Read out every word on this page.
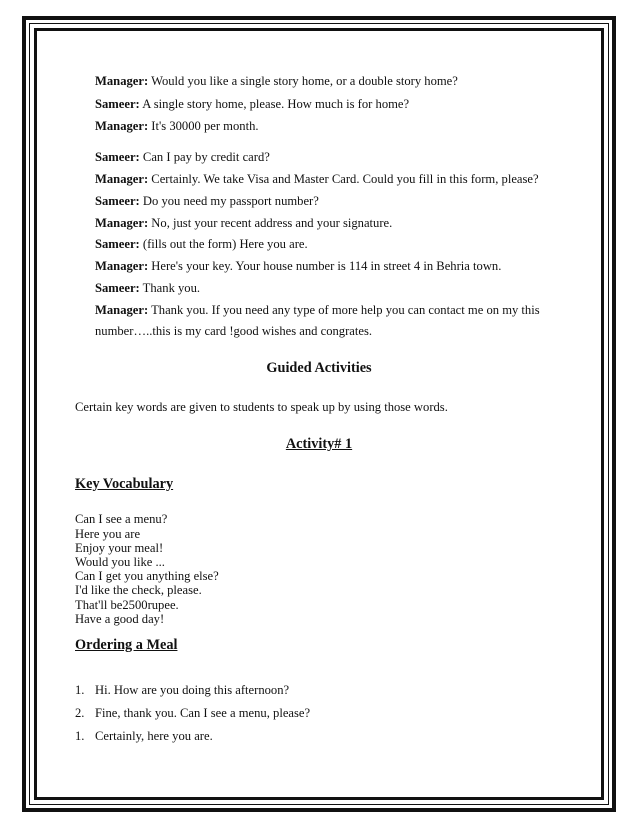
Manager: Would you like a single story home, or a double story home?
Sameer: A single story home, please. How much is for home?
Manager: It's 30000 per month.
Sameer: Can I pay by credit card?
Manager: Certainly. We take Visa and Master Card. Could you fill in this form, please?
Sameer: Do you need my passport number?
Manager: No, just your recent address and your signature.
Sameer: (fills out the form) Here you are.
Manager: Here's your key. Your house number is 114 in street 4 in Behria town.
Sameer: Thank you.
Manager: Thank you. If you need any type of more help you can contact me on my this
number…..this is my card !good wishes and congrates.
Guided Activities
Certain key words are given to students to speak up by using those words.
Activity# 1
Key Vocabulary
Can I see a menu?
Here you are
Enjoy your meal!
Would you like ...
Can I get you anything else?
I'd like the check, please.
That'll be2500rupee.
Have a good day!
Ordering a Meal
1. Hi. How are you doing this afternoon?
2. Fine, thank you. Can I see a menu, please?
1. Certainly, here you are.
